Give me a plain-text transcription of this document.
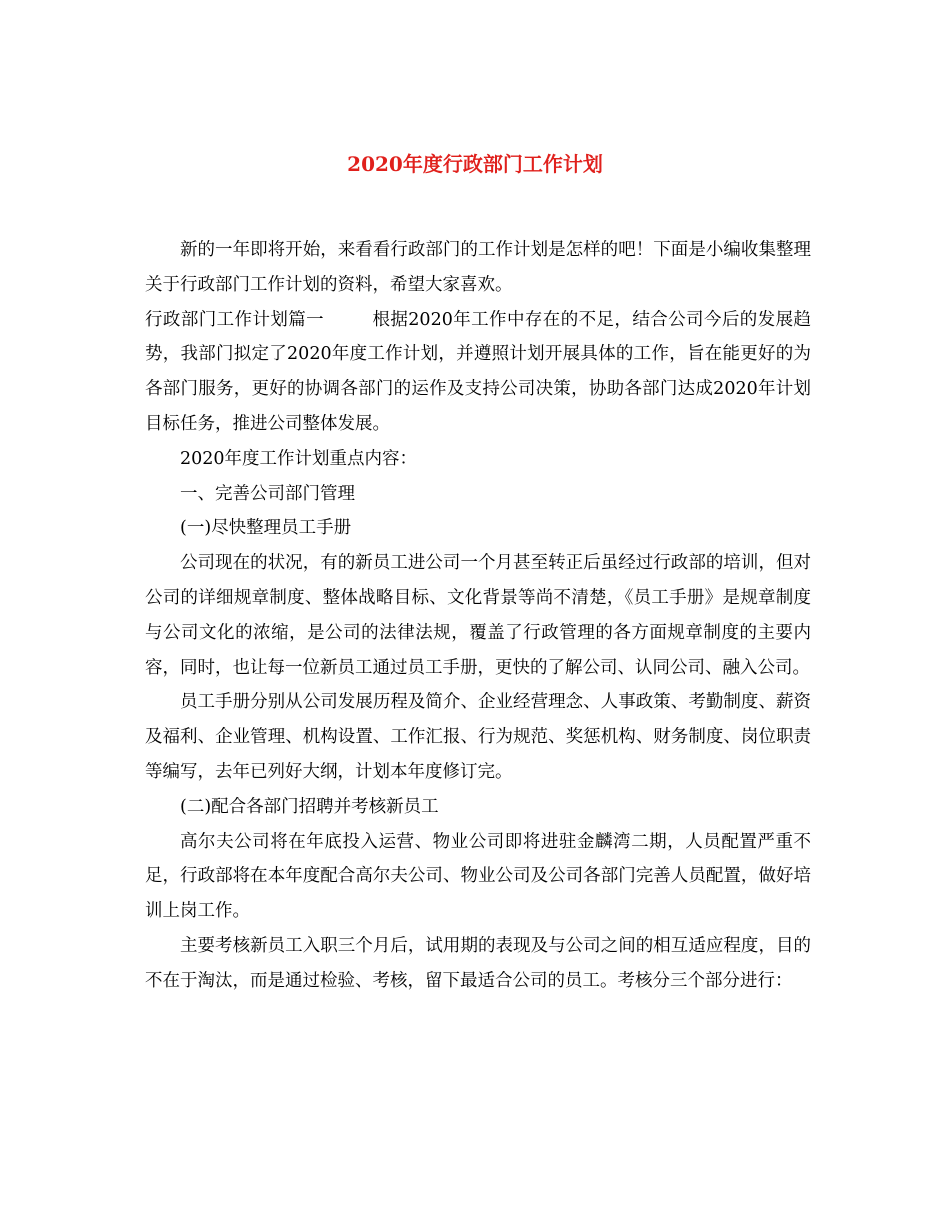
2020年度行政部门工作计划

新的一年即将开始，来看看行政部门的工作计划是怎样的吧！下面是小编收集整理关于行政部门工作计划的资料，希望大家喜欢。

行政部门工作计划篇一	根据2020年工作中存在的不足，结合公司今后的发展趋势，我部门拟定了2020年度工作计划，并遵照计划开展具体的工作，旨在能更好的为各部门服务，更好的协调各部门的运作及支持公司决策，协助各部门达成2020年计划目标任务，推进公司整体发展。

2020年度工作计划重点内容：

一、完善公司部门管理

(一)尽快整理员工手册

公司现在的状况，有的新员工进公司一个月甚至转正后虽经过行政部的培训，但对公司的详细规章制度、整体战略目标、文化背景等尚不清楚，《员工手册》是规章制度与公司文化的浓缩，是公司的法律法规，覆盖了行政管理的各方面规章制度的主要内容，同时，也让每一位新员工通过员工手册，更快的了解公司、认同公司、融入公司。

员工手册分别从公司发展历程及简介、企业经营理念、人事政策、考勤制度、薪资及福利、企业管理、机构设置、工作汇报、行为规范、奖惩机构、财务制度、岗位职责等编写，去年已列好大纲，计划本年度修订完。

(二)配合各部门招聘并考核新员工

高尔夫公司将在年底投入运营、物业公司即将进驻金麟湾二期，人员配置严重不足，行政部将在本年度配合高尔夫公司、物业公司及公司各部门完善人员配置，做好培训上岗工作。

主要考核新员工入职三个月后，试用期的表现及与公司之间的相互适应程度，目的不在于淘汰，而是通过检验、考核，留下最适合公司的员工。考核分三个部分进行：
